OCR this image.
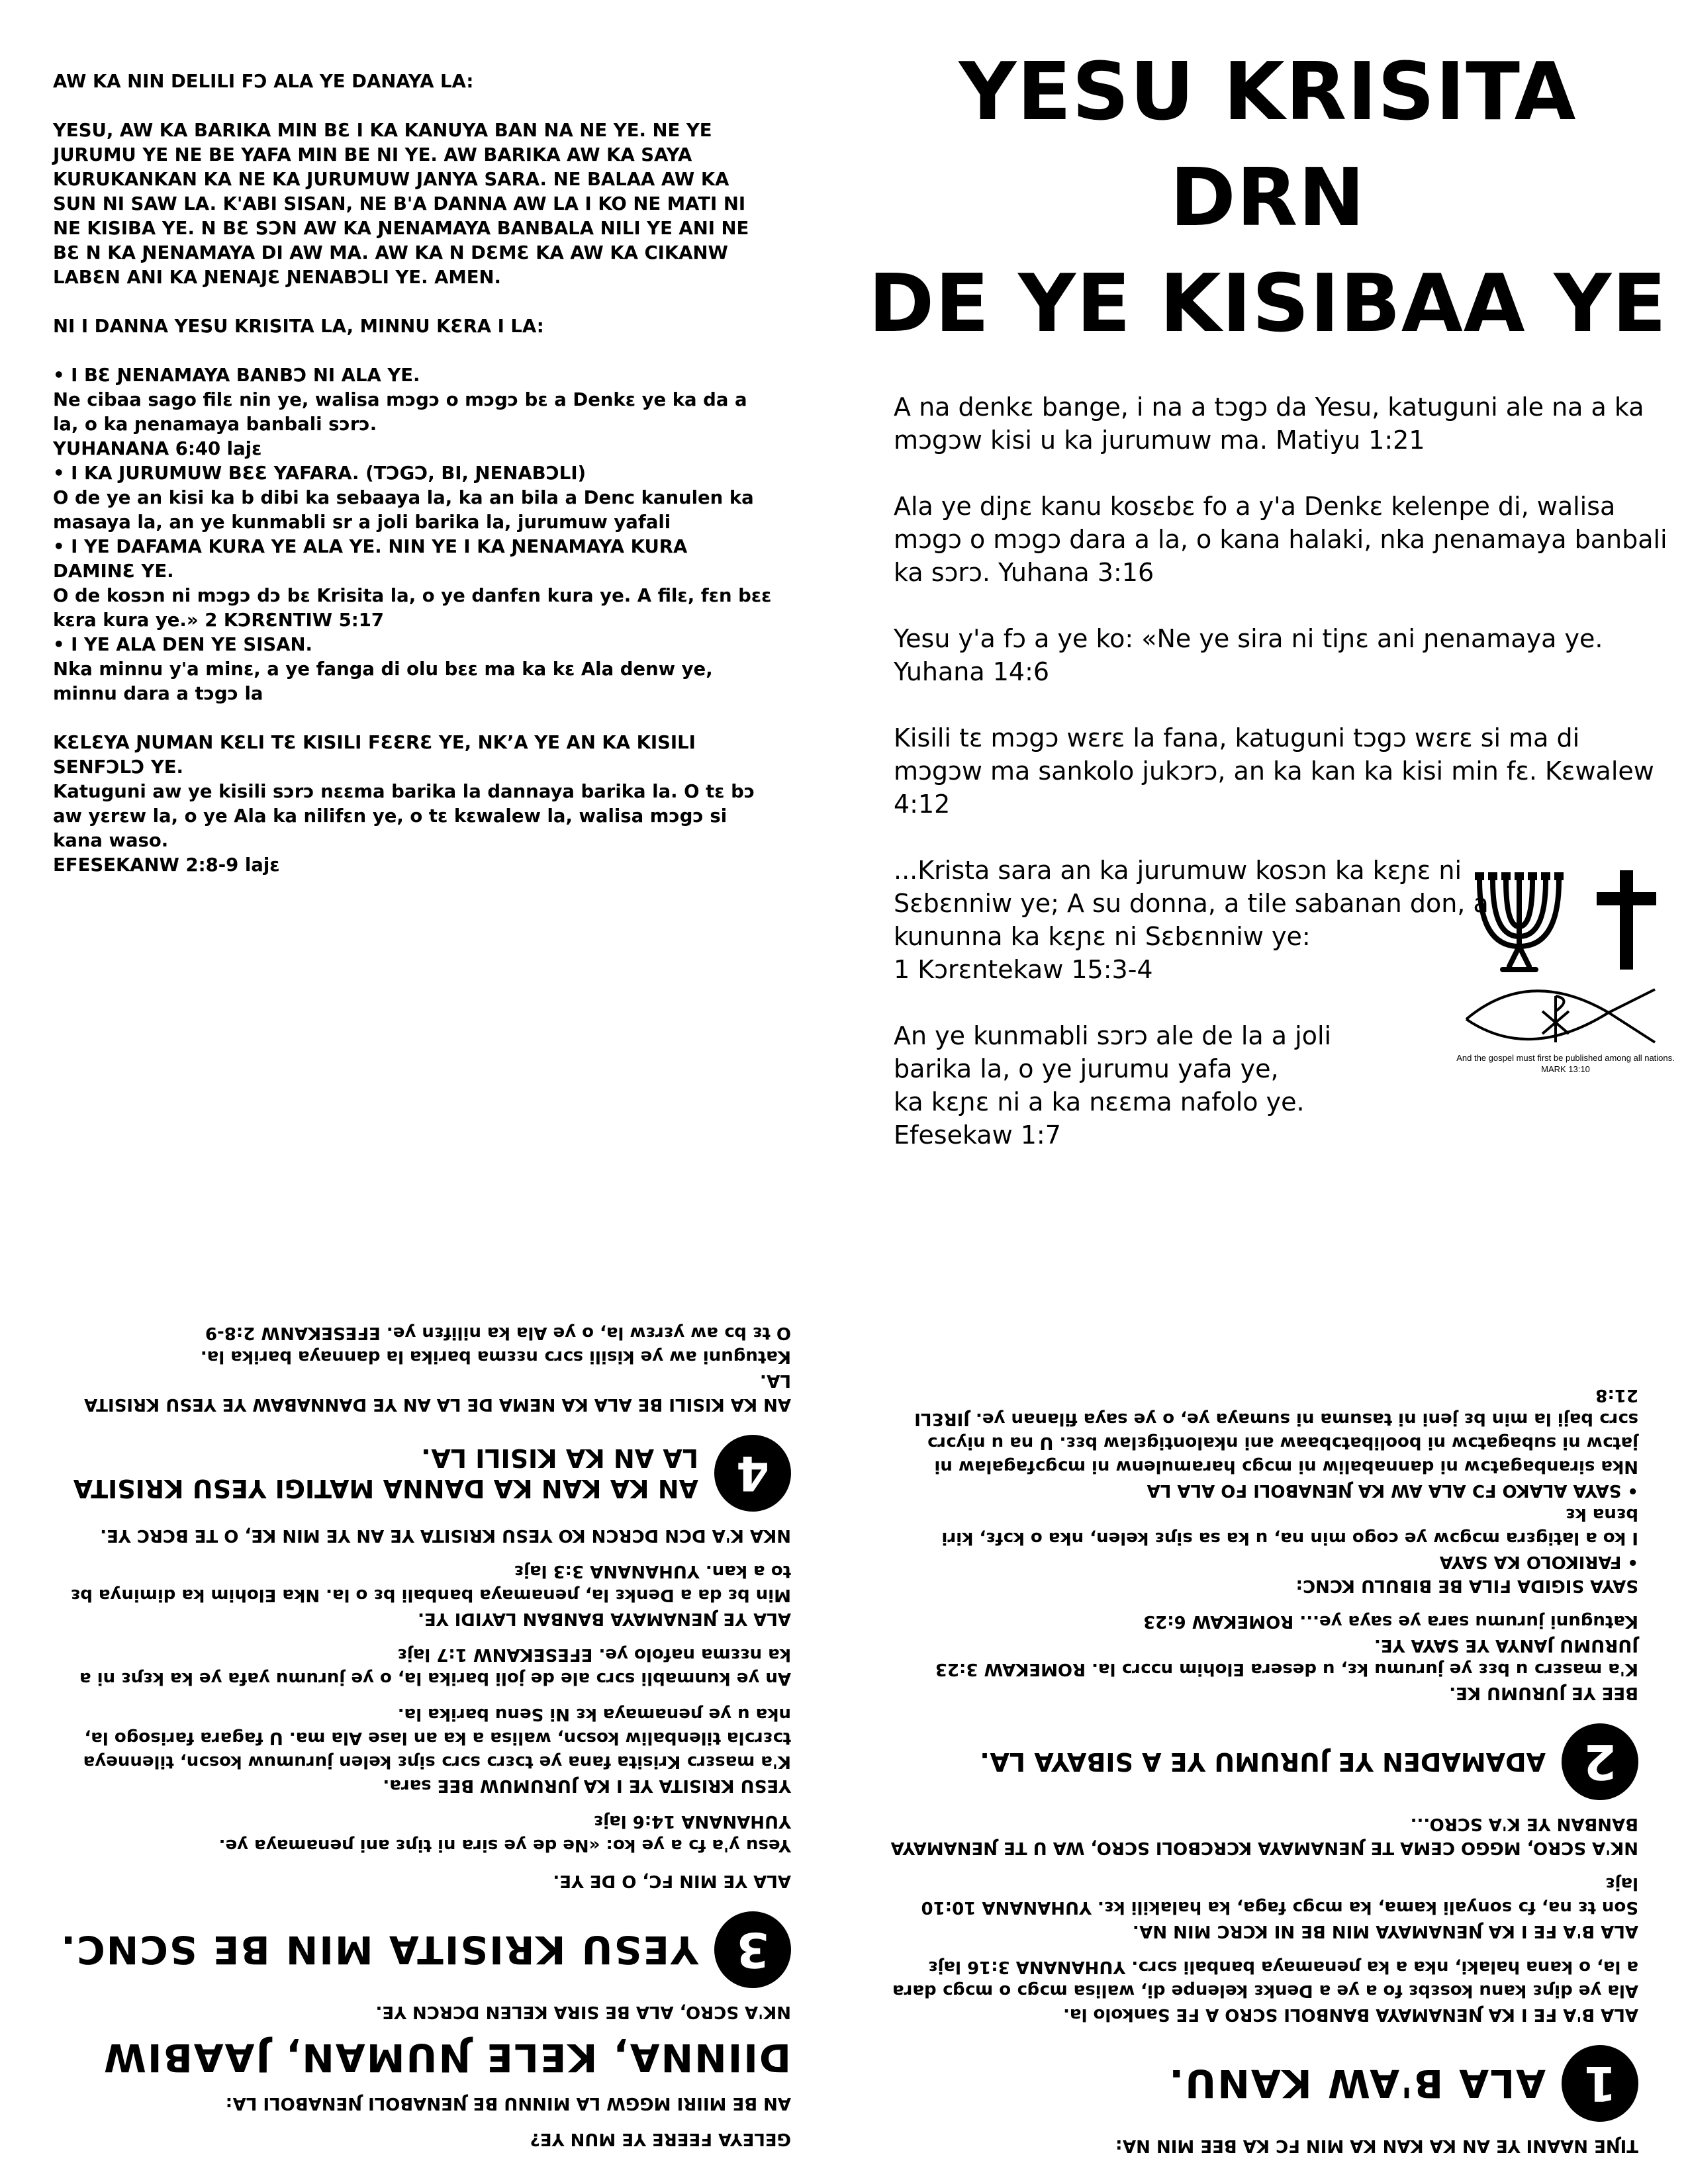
AW KA NIN DELILI FƆ ALA YE DANAYA LA:

YESU, AW KA BARIKA MIN BƐ I KA KANUYA BAN NA NE YE. NE YE JURUMU YE NE BE YAFA MIN BE NI YE. AW BARIKA AW KA SAYA KURUKANKAN KA NE KA JURUMUW JANYA SARA. NE BALAA AW KA SUN NI SAW LA. K'ABI SISAN, NE B'A DANNA AW LA I KO NE MATI NI NE KISIBA YE. N BƐ SƆN AW KA ƝENAMAYA BANBALA NILI YE ANI NE BƐ N KA ƝENAMAYA DI AW MA. AW KA N DƐMƐ KA AW KA CIKANW LABƐN ANI KA ƝENAJƐ ƝENABƆLI YE. AMEN.

NI I DANNA YESU KRISITA LA, MINNU KƐRA I LA:

• I BƐ ƝENAMAYA BANBƆ NI ALA YE.
Ne cibaa sago filɛ nin ye, walisa mɔgɔ o mɔgɔ bɛ a Denkɛ ye ka da a la, o ka ɲenamaya banbali sɔrɔ.
YUHANANA 6:40 lajɛ
• I KA JURUMUW BƐƐ YAFARA. (TƆGƆ, BI, ƝENABƆLI)
O de ye an kisi ka b dibi ka sebaaya la, ka an bila a Denc kanulen ka masaya la, an ye kunmabli sr a joli barika la, jurumuw yafali
• I YE DAFAMA KURA YE ALA YE. NIN YE I KA ƝENAMAYA KURA DAMINƐ YE.
O de kosɔn ni mɔgɔ dɔ bɛ Krisita la, o ye danfɛn kura ye. A filɛ, fɛn bɛɛ kɛra kura ye.» 2 KƆRƐNTIW 5:17
• I YE ALA DEN YE SISAN.
Nka minnu y'a minɛ, a ye fanga di olu bɛɛ ma ka kɛ Ala denw ye, minnu dara a tɔgɔ la
KƐLƐYA ƝUMAN KƐLI TƐ KISILI FƐƐRƐ YE, NK’A YE AN KA KISILI SENFƆLƆ YE.
Katuguni aw ye kisili sɔrɔ nɛɛma barika la dannaya barika la. O tɛ bɔ aw yɛrɛw la, o ye Ala ka nilifɛn ye, o tɛ kɛwalew la, walisa mɔgɔ si kana waso.
EFESEKANW 2:8-9 lajɛ
YESU KRISITA DRN
DE YE KISIBAA YE

A na denkɛ bange, i na a tɔgɔ da Yesu, katuguni ale na a ka mɔgɔw kisi u ka jurumuw ma. Matiyu 1:21

Ala ye diɲɛ kanu kosɛbɛ fo a y'a Denkɛ kelenpe di, walisa mɔgɔ o mɔgɔ dara a la, o kana halaki, nka ɲenamaya banbali ka sɔrɔ. Yuhana 3:16

Yesu y'a fɔ a ye ko: «Ne ye sira ni tiɲɛ ani ɲenamaya ye. Yuhana 14:6

Kisili tɛ mɔgɔ wɛrɛ la fana, katuguni tɔgɔ wɛrɛ si ma di mɔgɔw ma sankolo jukɔrɔ, an ka kan ka kisi min fɛ. Kɛwalew 4:12

...Krista sara an ka jurumuw kosɔn ka kɛɲɛ ni
Sɛbɛnniw ye; A su donna, a tile sabanan don, a
kununna ka kɛɲɛ ni Sɛbɛnniw ye:
1 Kɔrɛntekaw 15:3-4

An ye kunmabli sɔrɔ ale de la a joli
barika la, o ye jurumu yafa ye,
ka kɛɲɛ ni a ka nɛɛma nafolo ye.
Efesekaw 1:7

And the gospel must first be published among all nations. MARK 13:10

GELEYA FEERE YE MUN YE?

AN BE MIIRI MGGW LA MINNU BE ƝENABOLI ƝENABOLI LA:

DIINNA, KELE ƝUMAN, JAABIW

NK'A SCRO, ALA BE SIRA KELEN DCRCN YE.

3
YESU KRISITA MIN BE SCNC.

ALA YE MIN FC, O DE YE.

Yesu y'a fɔ a ye ko: «Ne de ye sira ni tiɲɛ ani ɲenamaya ye.

YUHANANA 14:6 lajɛ

YESU KRISITA YE I KA JURUMUW BEE sara.

K'a masɛrɔ Krisita fana ye tɔɛrɔ sɔrɔ siɲɛ kelen jurumuw kosɔn, tilenneya tɔɛrɔla tilenbaliw kosɔn, walisa a ka an lase Ala ma. U fagara farisogo la, nka u ye ɲenamaya kɛ Ni Senu barika la.

An ye kunmabli sɔrɔ ale de joli barika la, o ye jurumu yafa ye ka kɛɲɛ ni a ka nɛɛma nafolo ye. EFESEKANW 1:7 lajɛ

ALA YE ƝENAMAYA BANBAN LAYIDI YE.

Min bɛ da a Denkɛ la, ɲenamaya banbali bɛ o la. Nka Elohim ka diminya bɛ to a kan. YUHANANA 3:3 lajɛ

NKA K'A DCN DCRCN KO YESU KRISITA YE AN YE MIN KE, O TE BCRC YE.

4
AN KA KAN KA DANNA MATIGI YESU KRISITA LA AN KA KISILI LA.
AN KA KISILI BE ALA KA NEMA DE LA AN YE DANNABAW YE YESU KRISITA LA.
Katuguni aw ye kisili sɔrɔ nɛɛma barika la dannaya barika la.
O tɛ bɔ aw yɛrɛw la, o ye Ala ka nilifɛn ye. EFESEKANW 2:8-9

TIƝE NAANI YE AN KA KAN KA MIN FC KA BEE MIN NA:

1
ALA B'AW KANU.
ALA B'A FE I KA ƝENAMAYA BANBOLI SCRO A FE Sankolo la.

Ala ye diɲɛ kanu kosɛbɛ fo a ye a Denkɛ kelenpe di, walisa mɔgɔ o mɔgɔ dara a la, o kana halaki, nka a ka ɲenamaya banbali sɔrɔ. YUHANANA 3:16 lajɛ

ALA B'A FE I KA ƝENAMAYA MIN BE NI KCRC MIN NA.

Son tɛ na, fɔ sonyali kama, ka mɔgɔ faga, ka halakili kɛ. YUHANANA 10:10 lajɛ

NK'A SCRO, MGGO CEMA TE ƝENAMAYA KCRCBOLI SCRO, WA U TE ƝENAMAYA BANBAN YE K'A SCRO...

2
ADAMADEN YE JURUMU YE A SIBAYA LA.
BEE YE JURUMU KE.
K'a masɛrɔ u bɛɛ ye jurumu kɛ, u desera Elohim nɔɔrɔ la. ROMEKAW 3:23
JURUMU JANYA YE SAYA YE.

Katuguni jurumu sara ye saya ye... ROMEKAW 6:23

SAYA SIGIDA FILA BE BIBULU KCNC:
• FARIKOLO KA SAYA
I ko a latigɛra mɔgɔw ye cogo min na, u ka sa siɲɛ kelen, nka o kɔfɛ, kiri bɛna kɛ
• SAYA ALAKO FƆ ALA AW KA ƝENABOLI FO ALA LA
Nka siranbagatɔw ni dannabaliw ni mɔgɔ haramulenw ni mɔgɔfagalaw ni jatɔw ni subagatɔw ni boolibatɔbaaw ani nkalontigɛlaw bɛɛ. U na u niyɔrɔ sɔrɔ baji la min bɛ jeni ni tasuma ni sumaya ye, o ye saya filanan ye. JIRƐLI 21:8
